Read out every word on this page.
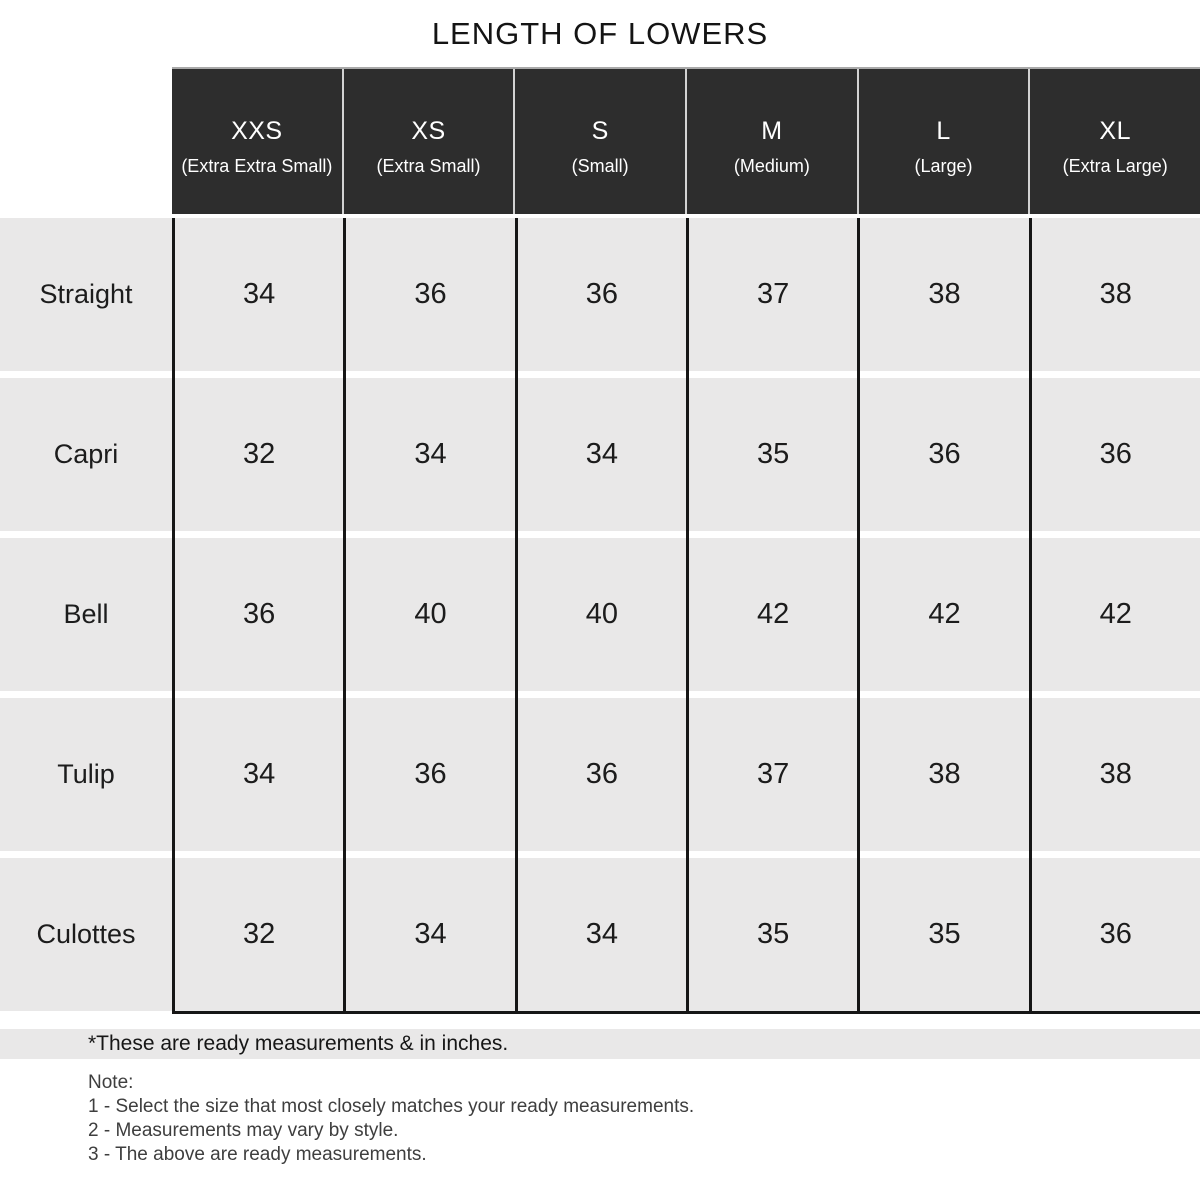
LENGTH OF LOWERS
XXS
(Extra Extra Small)
XS
(Extra Small)
S
(Small)
M
(Medium)
L
(Large)
XL
(Extra Large)
Straight
Capri
Bell
Tulip
Culottes
34
32
36
34
32
36
34
40
36
34
36
34
40
36
34
37
35
42
37
35
38
36
42
38
35
38
36
42
38
36
*These are ready measurements & in inches.
Note:
1 - Select the size that most closely matches your ready measurements.
2 - Measurements may vary by style.
3 - The above are ready measurements.
